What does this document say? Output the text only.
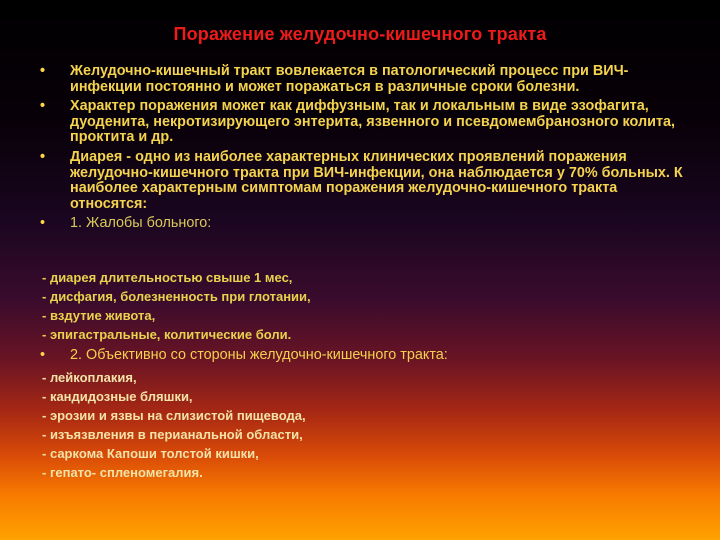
Поражение желудочно-кишечного тракта
•	Желудочно-кишечный тракт вовлекается в патологический процесс при ВИЧ-инфекции постоянно и может поражаться в различные сроки болезни.
•	Характер поражения может как диффузным, так и локальным в виде эзофагита, дуоденита, некротизирующего энтерита, язвенного и псевдомембранозного колита, проктита и др.
•	Диарея - одно из наиболее характерных клинических проявлений поражения желудочно-кишечного тракта при ВИЧ-инфекции, она наблюдается у 70% больных. К наиболее характерным симптомам поражения желудочно-кишечного тракта относятся:
•	1. Жалобы больного:
- диарея длительностью свыше 1 мес,
- дисфагия, болезненность при глотании,
- вздутие живота,
- эпигастральные, колитические боли.
• 2. Объективно со стороны желудочно-кишечного тракта:
- лейкоплакия,
- кандидозные бляшки,
- эрозии и язвы на слизистой пищевода,
- изъязвления в перианальной области,
- саркома Капоши толстой кишки,
- гепато- спленомегалия.
